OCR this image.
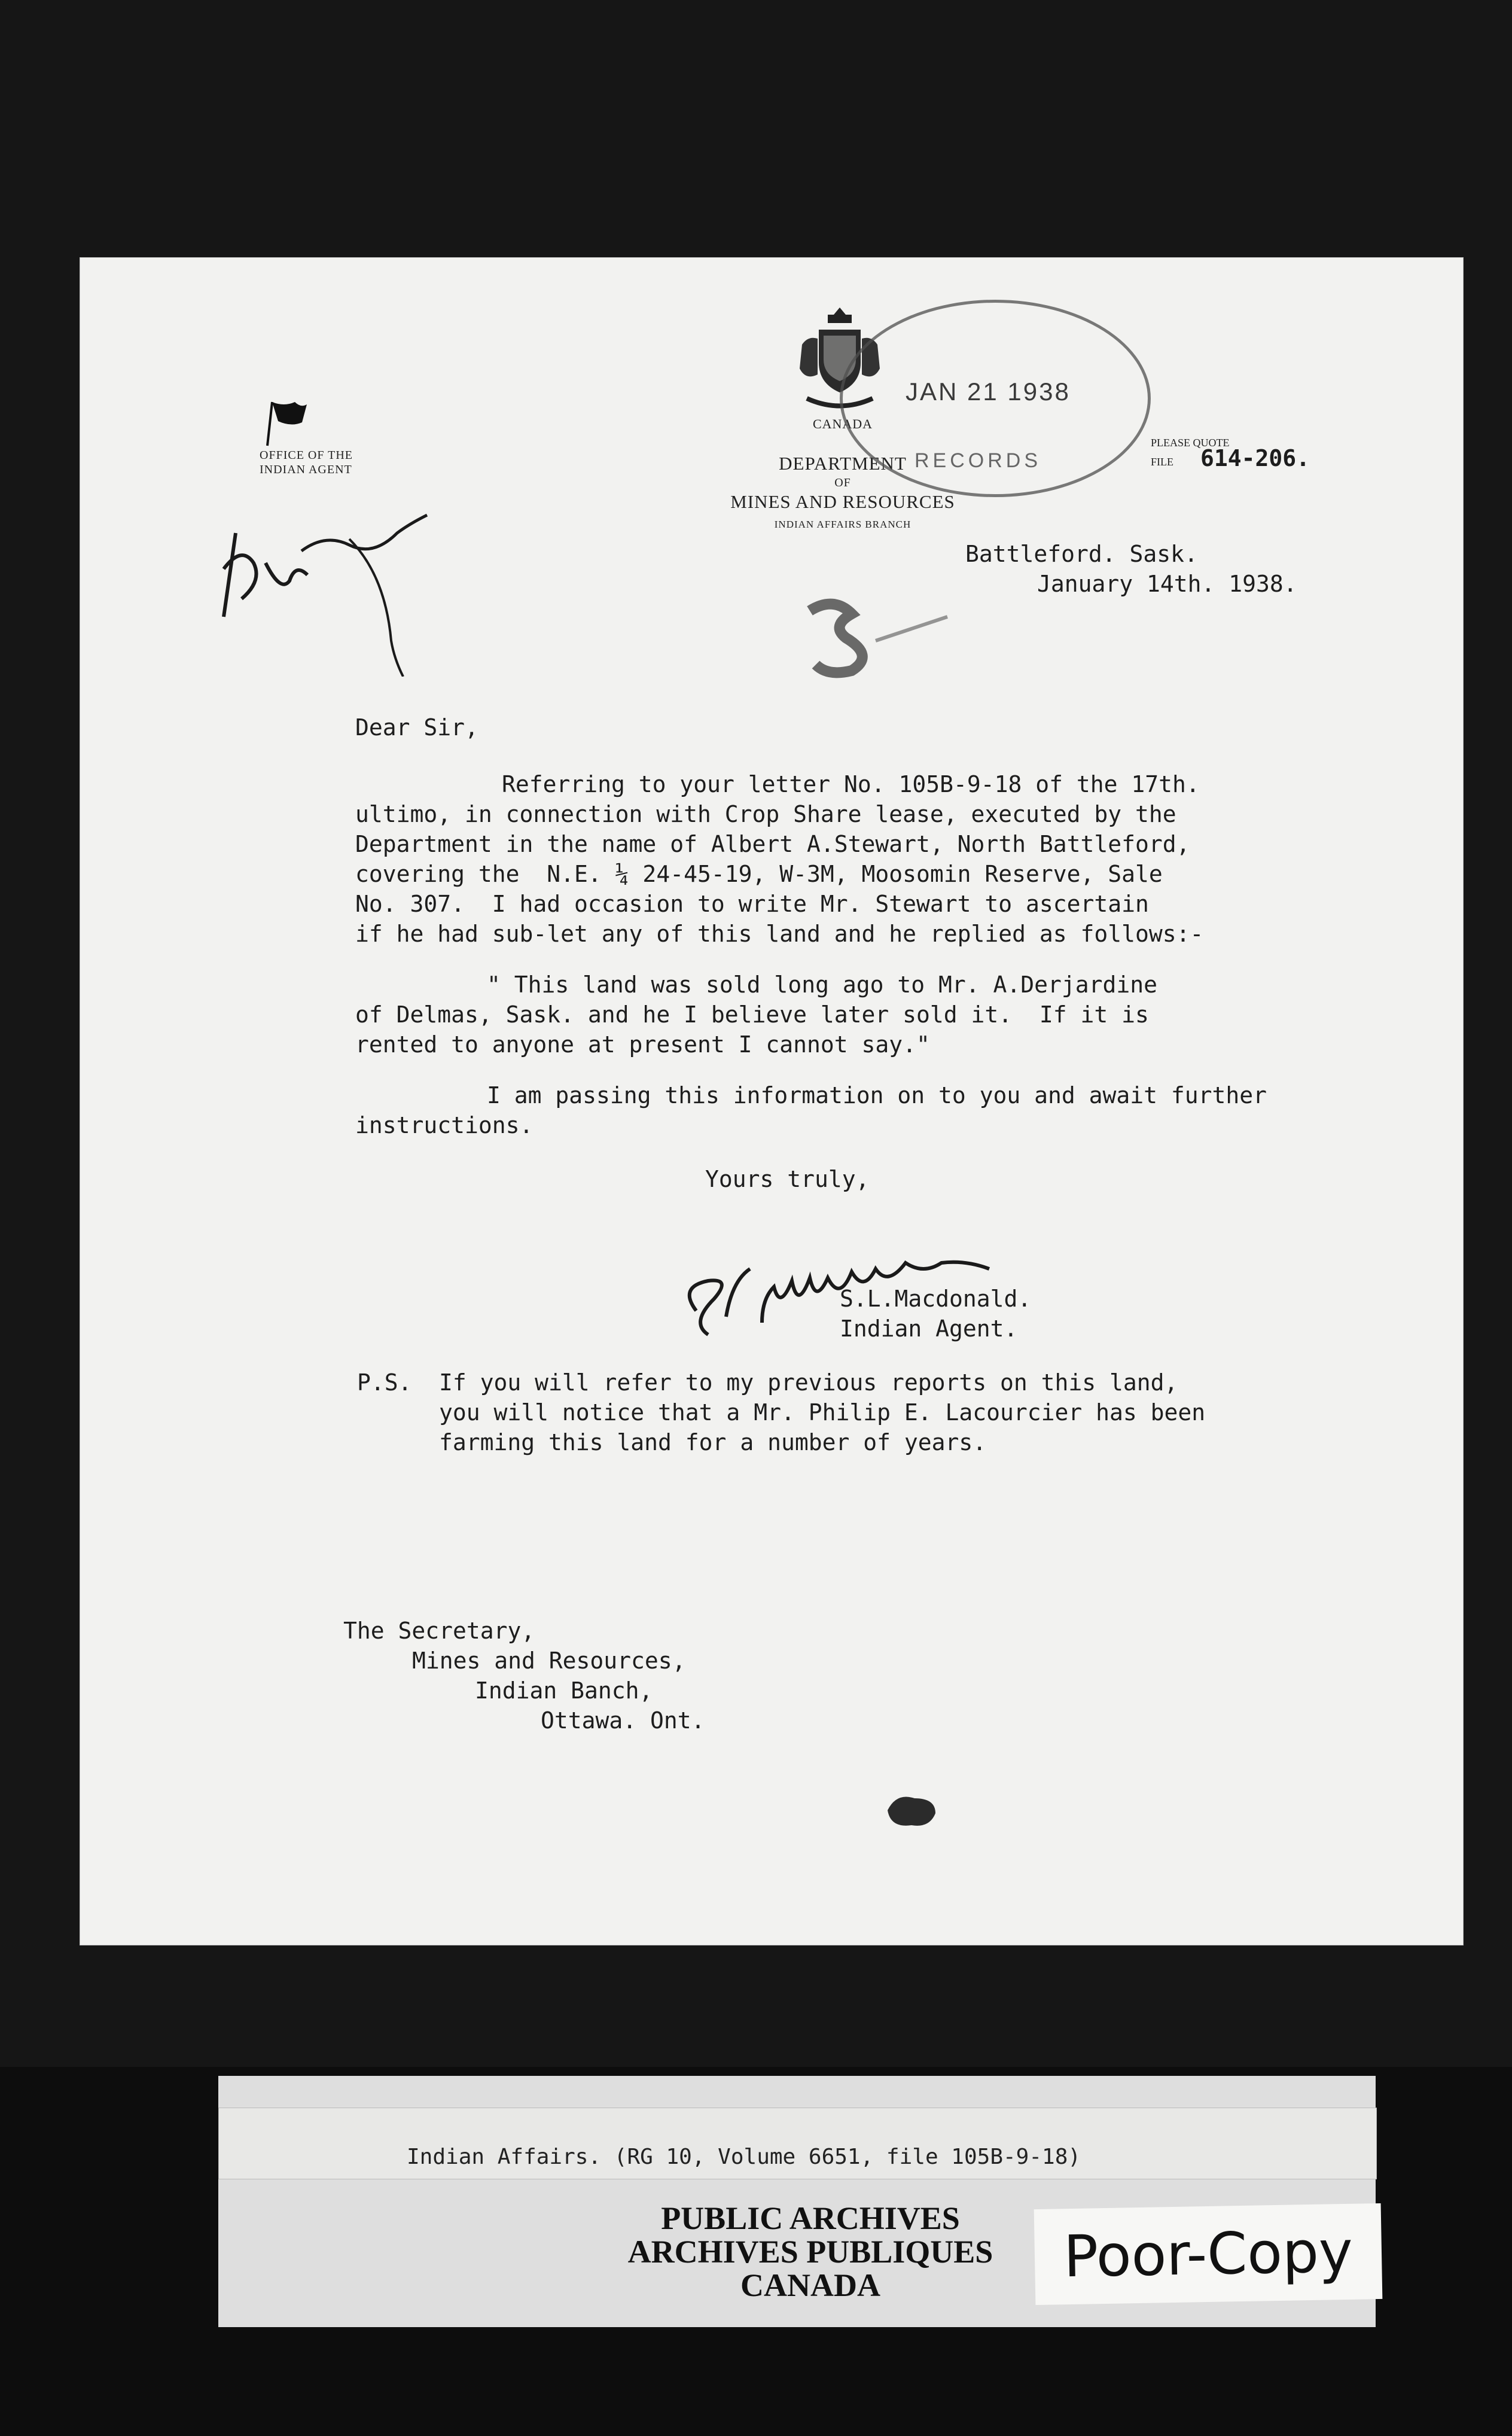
CANADA
DEPARTMENT
OF
MINES AND RESOURCES
INDIAN AFFAIRS BRANCH
OFFICE OF THE
INDIAN AGENT
PLEASE QUOTE
FILE	614-206.
JAN 21 1938
RECORDS
Battleford. Sask.
January 14th. 1938.
Dear Sir,
Referring to your letter No. 105B-9-18 of the 17th.
ultimo, in connection with Crop Share lease, executed by the
Department in the name of Albert A.Stewart, North Battleford,
covering the  N.E. ¼ 24-45-19, W-3M, Moosomin Reserve, Sale
No. 307.  I had occasion to write Mr. Stewart to ascertain
if he had sub-let any of this land and he replied as follows:-
" This land was sold long ago to Mr. A.Derjardine
of Delmas, Sask. and he I believe later sold it.  If it is
rented to anyone at present I cannot say."
I am passing this information on to you and await further
instructions.
Yours truly,
S.L.Macdonald.
Indian Agent.
P.S. If you will refer to my previous reports on this land,
you will notice that a Mr. Philip E. Lacourcier has been
farming this land for a number of years.
The Secretary,
Mines and Resources,
Indian Banch,
Ottawa. Ont.
Indian Affairs. (RG 10, Volume 6651, file 105B-9-18)
PUBLIC ARCHIVES
ARCHIVES PUBLIQUES
CANADA	Poor-Copy
